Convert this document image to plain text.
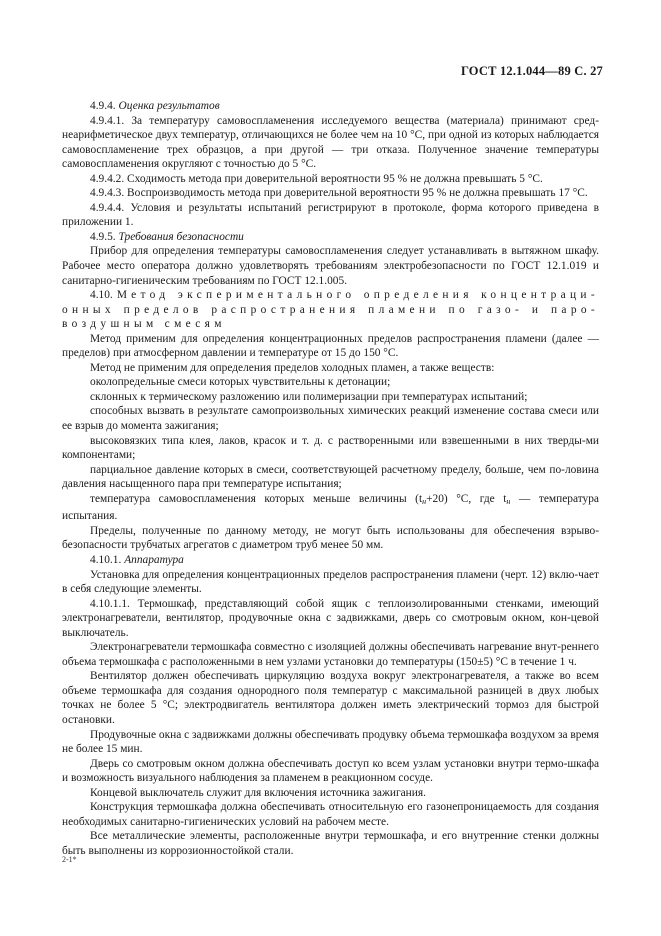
ГОСТ 12.1.044—89 С. 27

4.9.4. Оценка результатов

4.9.4.1. За температуру самовоспламенения исследуемого вещества (материала) принимают сред-неарифметическое двух температур, отличающихся не более чем на 10 °С, при одной из которых наблюдается самовоспламенение трех образцов, а при другой — три отказа. Полученное значение температуры самовоспламенения округляют с точностью до 5 °С.

4.9.4.2. Сходимость метода при доверительной вероятности 95 % не должна превышать 5 °С.

4.9.4.3. Воспроизводимость метода при доверительной вероятности 95 % не должна превышать 17 °С.

4.9.4.4. Условия и результаты испытаний регистрируют в протоколе, форма которого приведена в приложении 1.

4.9.5. Требования безопасности

Прибор для определения температуры самовоспламенения следует устанавливать в вытяжном шкафу. Рабочее место оператора должно удовлетворять требованиям электробезопасности по ГОСТ 12.1.019 и санитарно-гигиеническим требованиям по ГОСТ 12.1.005.

4.10. Метод экспериментального определения концентраци-онных пределов распространения пламени по газо- и паро-воздушным смесям

Метод применим для определения концентрационных пределов распространения пламени (далее — пределов) при атмосферном давлении и температуре от 15 до 150 °С.

Метод не применим для определения пределов холодных пламен, а также веществ:

околопредельные смеси которых чувствительны к детонации;

склонных к термическому разложению или полимеризации при температурах испытаний;

способных вызвать в результате самопроизвольных химических реакций изменение состава смеси или ее взрыв до момента зажигания;

высоковязких типа клея, лаков, красок и т. д. с растворенными или взвешенными в них тверды-ми компонентами;

парциальное давление которых в смеси, соответствующей расчетному пределу, больше, чем по-ловина давления насыщенного пара при температуре испытания;

температура самовоспламенения которых меньше величины $(t_н+20)$ °С, где $t_н$ — температура испытания.

Пределы, полученные по данному методу, не могут быть использованы для обеспечения взрыво-безопасности трубчатых агрегатов с диаметром труб менее 50 мм.

4.10.1. Аппаратура

Установка для определения концентрационных пределов распространения пламени (черт. 12) вклю-чает в себя следующие элементы.

4.10.1.1. Термошкаф, представляющий собой ящик с теплоизолированными стенками, имеющий электронагреватели, вентилятор, продувочные окна с задвижками, дверь со смотровым окном, кон-цевой выключатель.

Электронагреватели термошкафа совместно с изоляцией должны обеспечивать нагревание внут-реннего объема термошкафа с расположенными в нем узлами установки до температуры (150±5) °С в течение 1 ч.

Вентилятор должен обеспечивать циркуляцию воздуха вокруг электронагревателя, а также во всем объеме термошкафа для создания однородного поля температур с максимальной разницей в двух любых точках не более 5 °С; электродвигатель вентилятора должен иметь электрический тормоз для быстрой остановки.

Продувочные окна с задвижками должны обеспечивать продувку объема термошкафа воздухом за время не более 15 мин.

Дверь со смотровым окном должна обеспечивать доступ ко всем узлам установки внутри термо-шкафа и возможность визуального наблюдения за пламенем в реакционном сосуде.

Концевой выключатель служит для включения источника зажигания.

Конструкция термошкафа должна обеспечивать относительную его газонепроницаемость для создания необходимых санитарно-гигиенических условий на рабочем месте.

Все металлические элементы, расположенные внутри термошкафа, и его внутренние стенки должны быть выполнены из коррозионностойкой стали.

2-1*
